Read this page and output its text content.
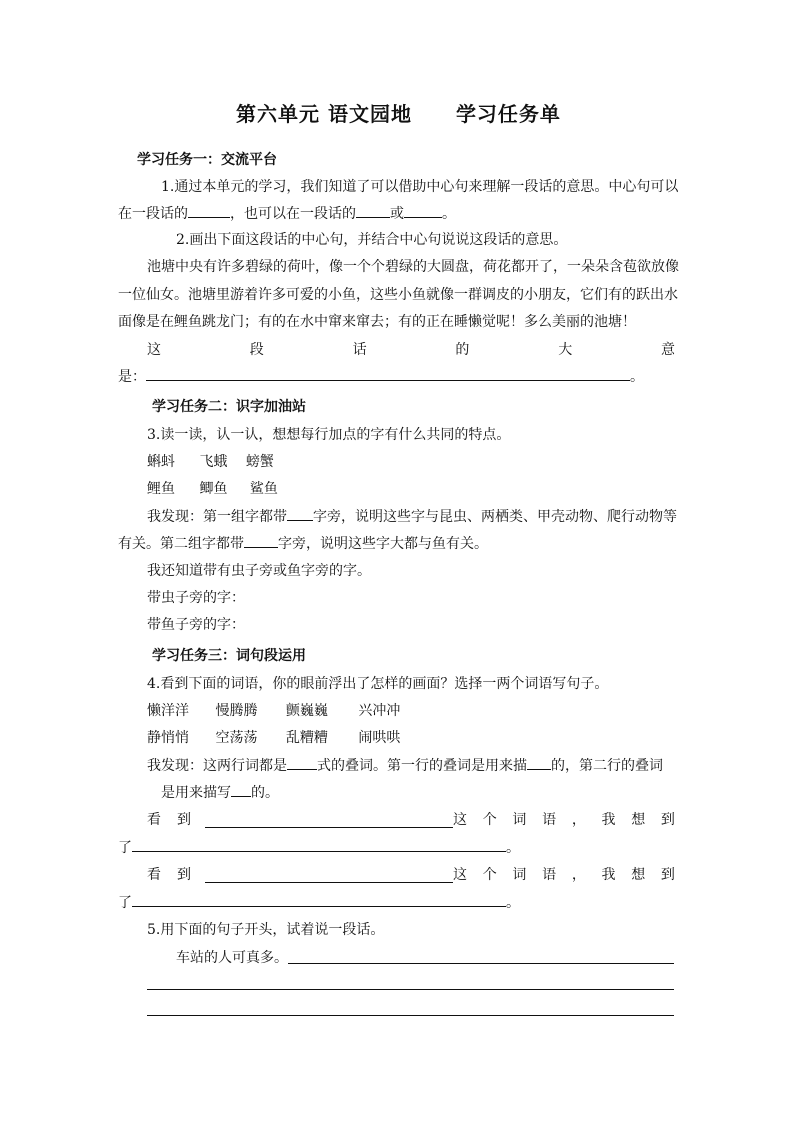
第六单元 语文园地 学习任务单
学习任务一：交流平台
1.通过本单元的学习，我们知道了可以借助中心句来理解一段话的意思。中心句可以
在一段话的	，也可以在一段话的 或	。
2.画出下面这段话的中心句，并结合中心句说说这段话的意思。
池塘中央有许多碧绿的荷叶，像一个个碧绿的大圆盘，荷花都开了，一朵朵含苞欲放像
一位仙女。池塘里游着许多可爱的小鱼，这些小鱼就像一群调皮的小朋友，它们有的跃出水
面像是在鲤鱼跳龙门；有的在水中窜来窜去；有的正在睡懒觉呢！多么美丽的池塘！
这	段	话	的	大	意
是：	。
学习任务二：识字加油站
3.读一读，认一认，想想每行加点的字有什么共同的特点。
蝌蚪 飞蛾 螃蟹
鲤鱼 鲫鱼 鲨鱼
我发现：第一组字都带 字旁，说明这些字与昆虫、两栖类、甲壳动物、爬行动物等
有关。第二组字都带 字旁，说明这些字大都与鱼有关。
我还知道带有虫子旁或鱼字旁的字。
带虫子旁的字：
带鱼子旁的字：
学习任务三：词句段运用
4.看到下面的词语，你的眼前浮出了怎样的画面？选择一两个词语写句子。
懒洋洋 慢腾腾 颤巍巍 兴冲冲
静悄悄 空荡荡 乱糟糟 闹哄哄
我发现：这两行词都是 式的叠词。第一行的叠词是用来描 的，第二行的叠词
是用来描写 的。
看 到	这 个 词 语 ， 我 想 到
了	。
看 到	这 个 词 语 ， 我 想 到
了	。
5.用下面的句子开头，试着说一段话。
车站的人可真多。
